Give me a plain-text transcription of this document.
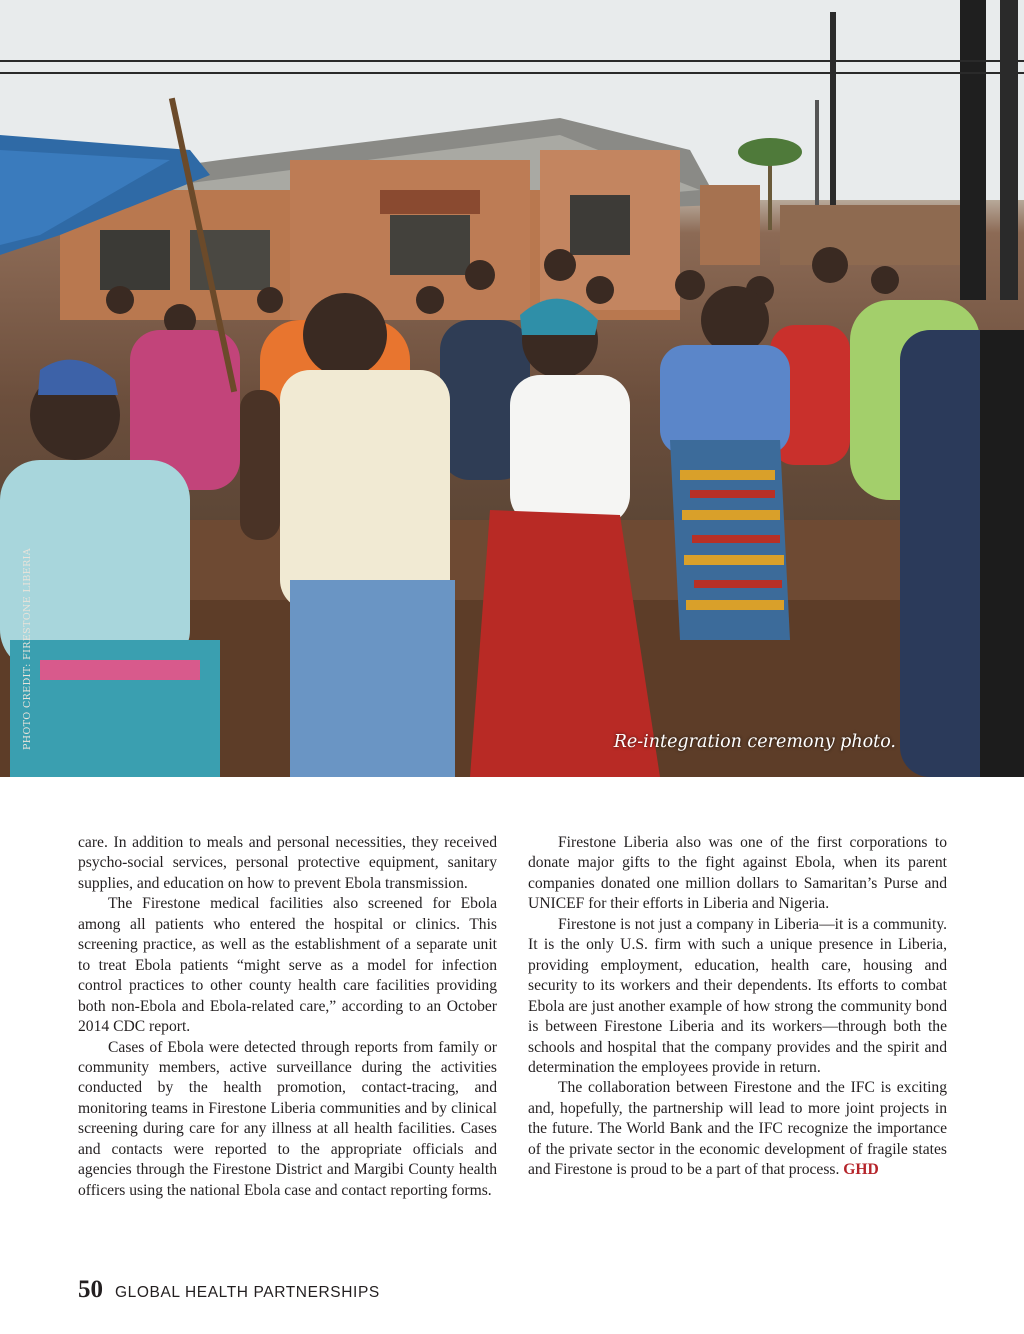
PHOTO CREDIT: FIRESTONE LIBERIA	Re-integration ceremony photo.

care. In addition to meals and personal necessities, they received psycho-social services, personal protective equipment, sanitary supplies, and education on how to prevent Ebola transmission.

The Firestone medical facilities also screened for Ebola among all patients who entered the hospital or clinics. This screening practice, as well as the establishment of a separate unit to treat Ebola patients “might serve as a model for infection control practices to other county health care facilities providing both non-Ebola and Ebola-related care,” according to an October 2014 CDC report.

Cases of Ebola were detected through reports from family or community members, active surveillance during the activities conducted by the health promotion, contact-tracing, and monitoring teams in Firestone Liberia communities and by clinical screening during care for any illness at all health facilities. Cases and contacts were reported to the appropriate officials and agencies through the Firestone District and Margibi County health officers using the national Ebola case and contact reporting forms.

Firestone Liberia also was one of the first corporations to donate major gifts to the fight against Ebola, when its parent companies donated one million dollars to Samaritan’s Purse and UNICEF for their efforts in Liberia and Nigeria.

Firestone is not just a company in Liberia—it is a community. It is the only U.S. firm with such a unique presence in Liberia, providing employment, education, health care, housing and security to its workers and their dependents. Its efforts to combat Ebola are just another example of how strong the community bond is between Firestone Liberia and its workers—through both the schools and hospital that the company provides and the spirit and determination the employees provide in return.

The collaboration between Firestone and the IFC is exciting and, hopefully, the partnership will lead to more joint projects in the future. The World Bank and the IFC recognize the importance of the private sector in the economic development of fragile states and Firestone is proud to be a part of that process. GHD

50 GLOBAL HEALTH PARTNERSHIPS
